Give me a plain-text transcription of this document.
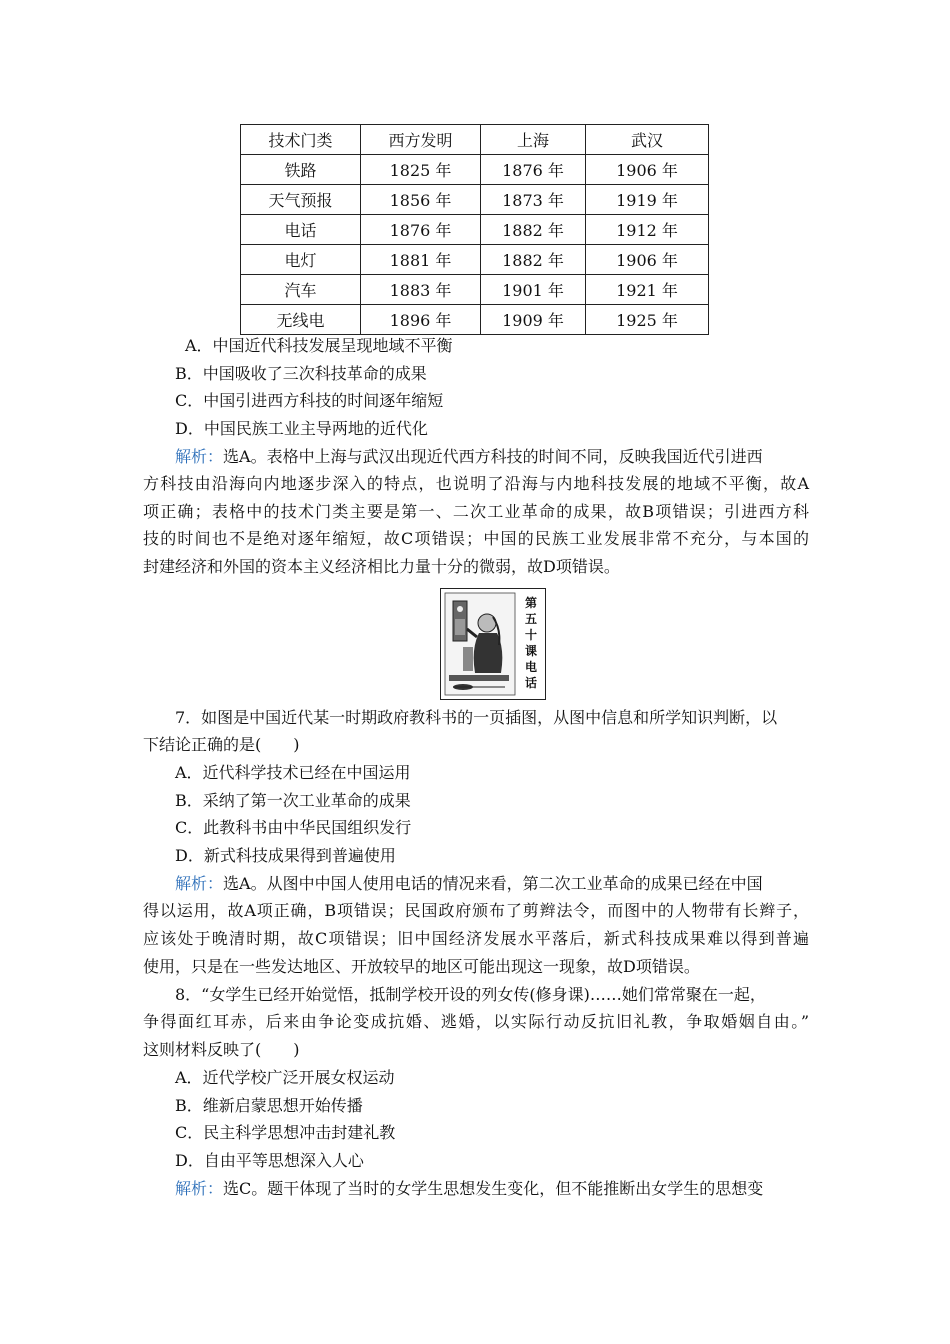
技术门类	西方发明	上海	武汉
铁路	1825 年	1876 年	1906 年
天气预报	1856 年	1873 年	1919 年
电话	1876 年	1882 年	1912 年
电灯	1881 年	1882 年	1906 年
汽车	1883 年	1901 年	1921 年
无线电	1896 年	1909 年	1925 年
A．中国近代科技发展呈现地域不平衡
B．中国吸收了三次科技革命的成果
C．中国引进西方科技的时间逐年缩短
D．中国民族工业主导两地的近代化
解析：选A。表格中上海与武汉出现近代西方科技的时间不同，反映我国近代引进西
方科技由沿海向内地逐步深入的特点，也说明了沿海与内地科技发展的地域不平衡，故A
项正确；表格中的技术门类主要是第一、二次工业革命的成果，故B项错误；引进西方科
技的时间也不是绝对逐年缩短，故C项错误；中国的民族工业发展非常不充分，与本国的
封建经济和外国的资本主义经济相比力量十分的微弱，故D项错误。
第
五
十
课
电
话
7．如图是中国近代某一时期政府教科书的一页插图，从图中信息和所学知识判断，以
下结论正确的是(　　)
A．近代科学技术已经在中国运用
B．采纳了第一次工业革命的成果
C．此教科书由中华民国组织发行
D．新式科技成果得到普遍使用
解析：选A。从图中中国人使用电话的情况来看，第二次工业革命的成果已经在中国
得以运用，故A项正确，B项错误；民国政府颁布了剪辫法令，而图中的人物带有长辫子，
应该处于晚清时期，故C项错误；旧中国经济发展水平落后，新式科技成果难以得到普遍
使用，只是在一些发达地区、开放较早的地区可能出现这一现象，故D项错误。
8．“女学生已经开始觉悟，抵制学校开设的列女传(修身课)……她们常常聚在一起，
争得面红耳赤，后来由争论变成抗婚、逃婚，以实际行动反抗旧礼教，争取婚姻自由。”
这则材料反映了(　　)
A．近代学校广泛开展女权运动
B．维新启蒙思想开始传播
C．民主科学思想冲击封建礼教
D．自由平等思想深入人心
解析：选C。题干体现了当时的女学生思想发生变化，但不能推断出女学生的思想变
